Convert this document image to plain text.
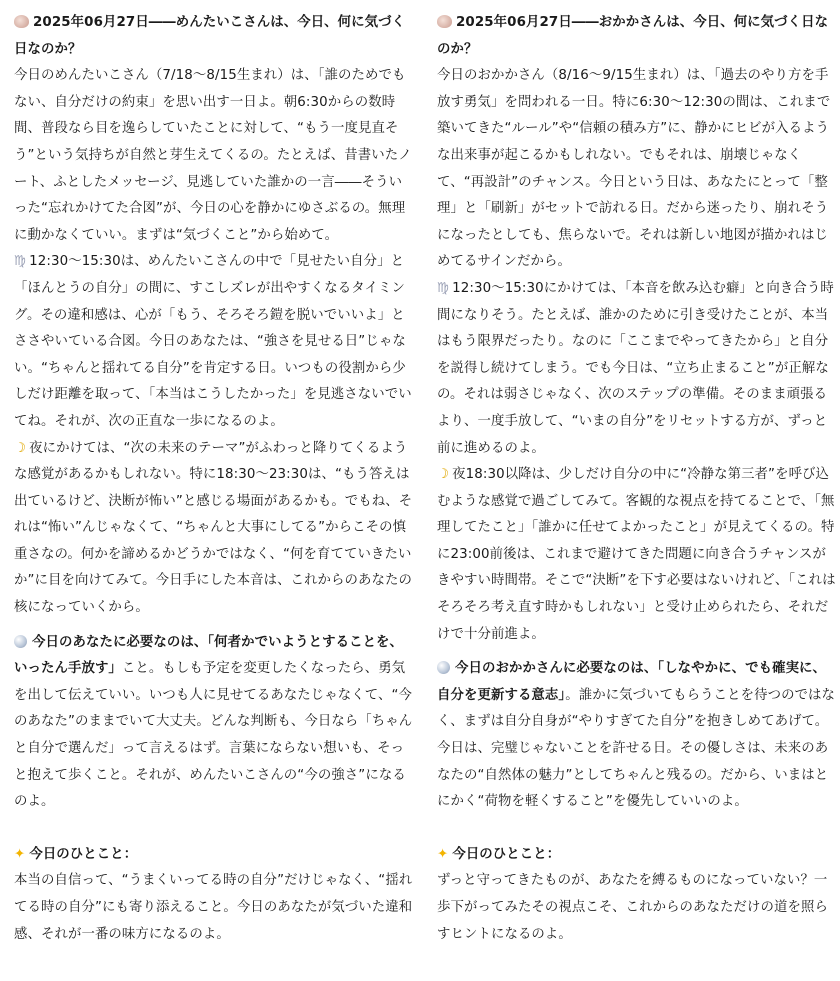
2025年06月27日――めんたいこさんは、今日、何に気づく日なのか？

今日のめんたいこさん（7/18〜8/15生まれ）は、「誰のためでもない、自分だけの約束」を思い出す一日よ。朝6:30からの数時間、普段なら目を逸らしていたことに対して、“もう一度見直そう”という気持ちが自然と芽生えてくるの。たとえば、昔書いたノート、ふとしたメッセージ、見逃していた誰かの一言――そういった“忘れかけてた合図”が、今日の心を静かにゆさぶるの。無理に動かなくていい。まずは“気づくこと”から始めて。

♍ 12:30〜15:30は、めんたいこさんの中で「見せたい自分」と「ほんとうの自分」の間に、すこしズレが出やすくなるタイミング。その違和感は、心が「もう、そろそろ鎧を脱いでいいよ」とささやいている合図。今日のあなたは、“強さを見せる日”じゃない。“ちゃんと揺れてる自分”を肯定する日。いつもの役割から少しだけ距離を取って、「本当はこうしたかった」を見逃さないでいてね。それが、次の正直な一歩になるのよ。

☽ 夜にかけては、“次の未来のテーマ”がふわっと降りてくるような感覚があるかもしれない。特に18:30〜23:30は、“もう答えは出ているけど、決断が怖い”と感じる場面があるかも。でもね、それは“怖い”んじゃなくて、“ちゃんと大事にしてる”からこその慎重さなの。何かを諦めるかどうかではなく、“何を育てていきたいか”に目を向けてみて。今日手にした本音は、これからのあなたの核になっていくから。

今日のあなたに必要なのは、「何者かでいようとすることを、いったん手放す」こと。もしも予定を変更したくなったら、勇気を出して伝えていい。いつも人に見せてるあなたじゃなくて、“今のあなた”のままでいて大丈夫。どんな判断も、今日なら「ちゃんと自分で選んだ」って言えるはず。言葉にならない想いも、そっと抱えて歩くこと。それが、めんたいこさんの“今の強さ”になるのよ。

✦ 今日のひとこと：

本当の自信って、“うまくいってる時の自分”だけじゃなく、“揺れてる時の自分”にも寄り添えること。今日のあなたが気づいた違和感、それが一番の味方になるのよ。

2025年06月27日――おかかさんは、今日、何に気づく日なのか？

今日のおかかさん（8/16〜9/15生まれ）は、「過去のやり方を手放す勇気」を問われる一日。特に6:30〜12:30の間は、これまで築いてきた“ルール”や“信頼の積み方”に、静かにヒビが入るような出来事が起こるかもしれない。でもそれは、崩壊じゃなくて、“再設計”のチャンス。今日という日は、あなたにとって「整理」と「刷新」がセットで訪れる日。だから迷ったり、崩れそうになったとしても、焦らないで。それは新しい地図が描かれはじめてるサインだから。

♍ 12:30〜15:30にかけては、「本音を飲み込む癖」と向き合う時間になりそう。たとえば、誰かのために引き受けたことが、本当はもう限界だったり。なのに「ここまでやってきたから」と自分を説得し続けてしまう。でも今日は、“立ち止まること”が正解なの。それは弱さじゃなく、次のステップの準備。そのまま頑張るより、一度手放して、“いまの自分”をリセットする方が、ずっと前に進めるのよ。

☽ 夜18:30以降は、少しだけ自分の中に“冷静な第三者”を呼び込むような感覚で過ごしてみて。客観的な視点を持てることで、「無理してたこと」「誰かに任せてよかったこと」が見えてくるの。特に23:00前後は、これまで避けてきた問題に向き合うチャンスがきやすい時間帯。そこで“決断”を下す必要はないけれど、「これはそろそろ考え直す時かもしれない」と受け止められたら、それだけで十分前進よ。

今日のおかかさんに必要なのは、「しなやかに、でも確実に、自分を更新する意志」。誰かに気づいてもらうことを待つのではなく、まずは自分自身が“やりすぎてた自分”を抱きしめてあげて。今日は、完璧じゃないことを許せる日。その優しさは、未来のあなたの“自然体の魅力”としてちゃんと残るの。だから、いまはとにかく“荷物を軽くすること”を優先していいのよ。

✦ 今日のひとこと：

ずっと守ってきたものが、あなたを縛るものになっていない？一歩下がってみたその視点こそ、これからのあなただけの道を照らすヒントになるのよ。
